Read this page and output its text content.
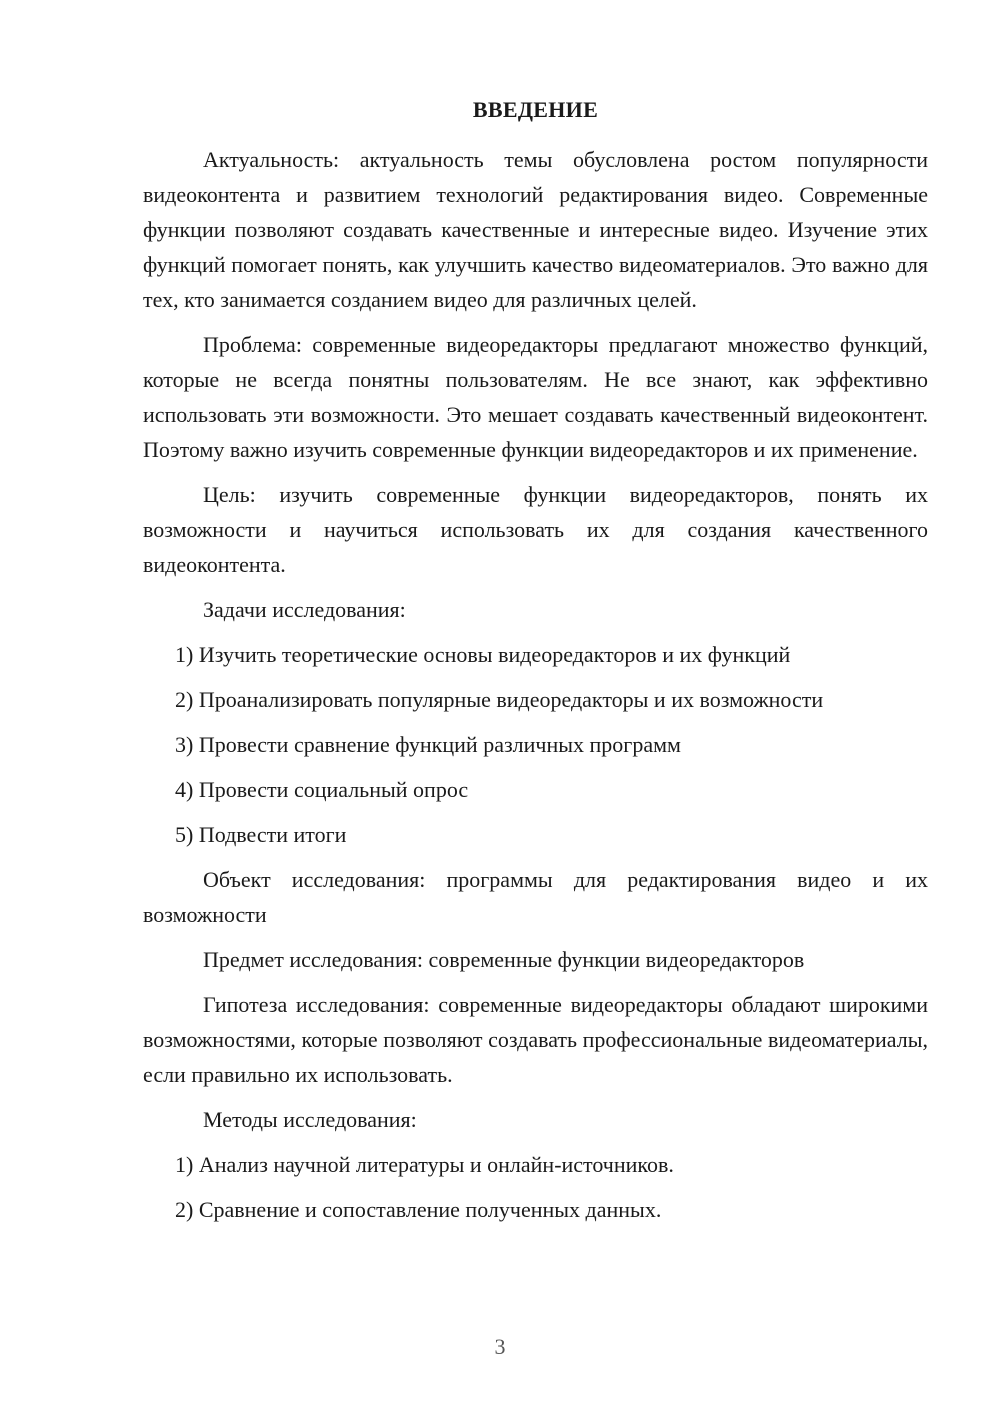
ВВЕДЕНИЕ

Актуальность: актуальность темы обусловлена ростом популярности видеоконтента и развитием технологий редактирования видео. Современные функции позволяют создавать качественные и интересные видео. Изучение этих функций помогает понять, как улучшить качество видеоматериалов. Это важно для тех, кто занимается созданием видео для различных целей.

Проблема: современные видеоредакторы предлагают множество функций, которые не всегда понятны пользователям. Не все знают, как эффективно использовать эти возможности. Это мешает создавать качественный видеоконтент. Поэтому важно изучить современные функции видеоредакторов и их применение.

Цель: изучить современные функции видеоредакторов, понять их возможности и научиться использовать их для создания качественного видеоконтента.

Задачи исследования:

1) Изучить теоретические основы видеоредакторов и их функций
2) Проанализировать популярные видеоредакторы и их возможности
3) Провести сравнение функций различных программ
4) Провести социальный опрос
5) Подвести итоги

Объект исследования: программы для редактирования видео и их возможности

Предмет исследования: современные функции видеоредакторов

Гипотеза исследования: современные видеоредакторы обладают широкими возможностями, которые позволяют создавать профессиональные видеоматериалы, если правильно их использовать.

Методы исследования:

1) Анализ научной литературы и онлайн-источников.
2) Сравнение и сопоставление полученных данных.
3
